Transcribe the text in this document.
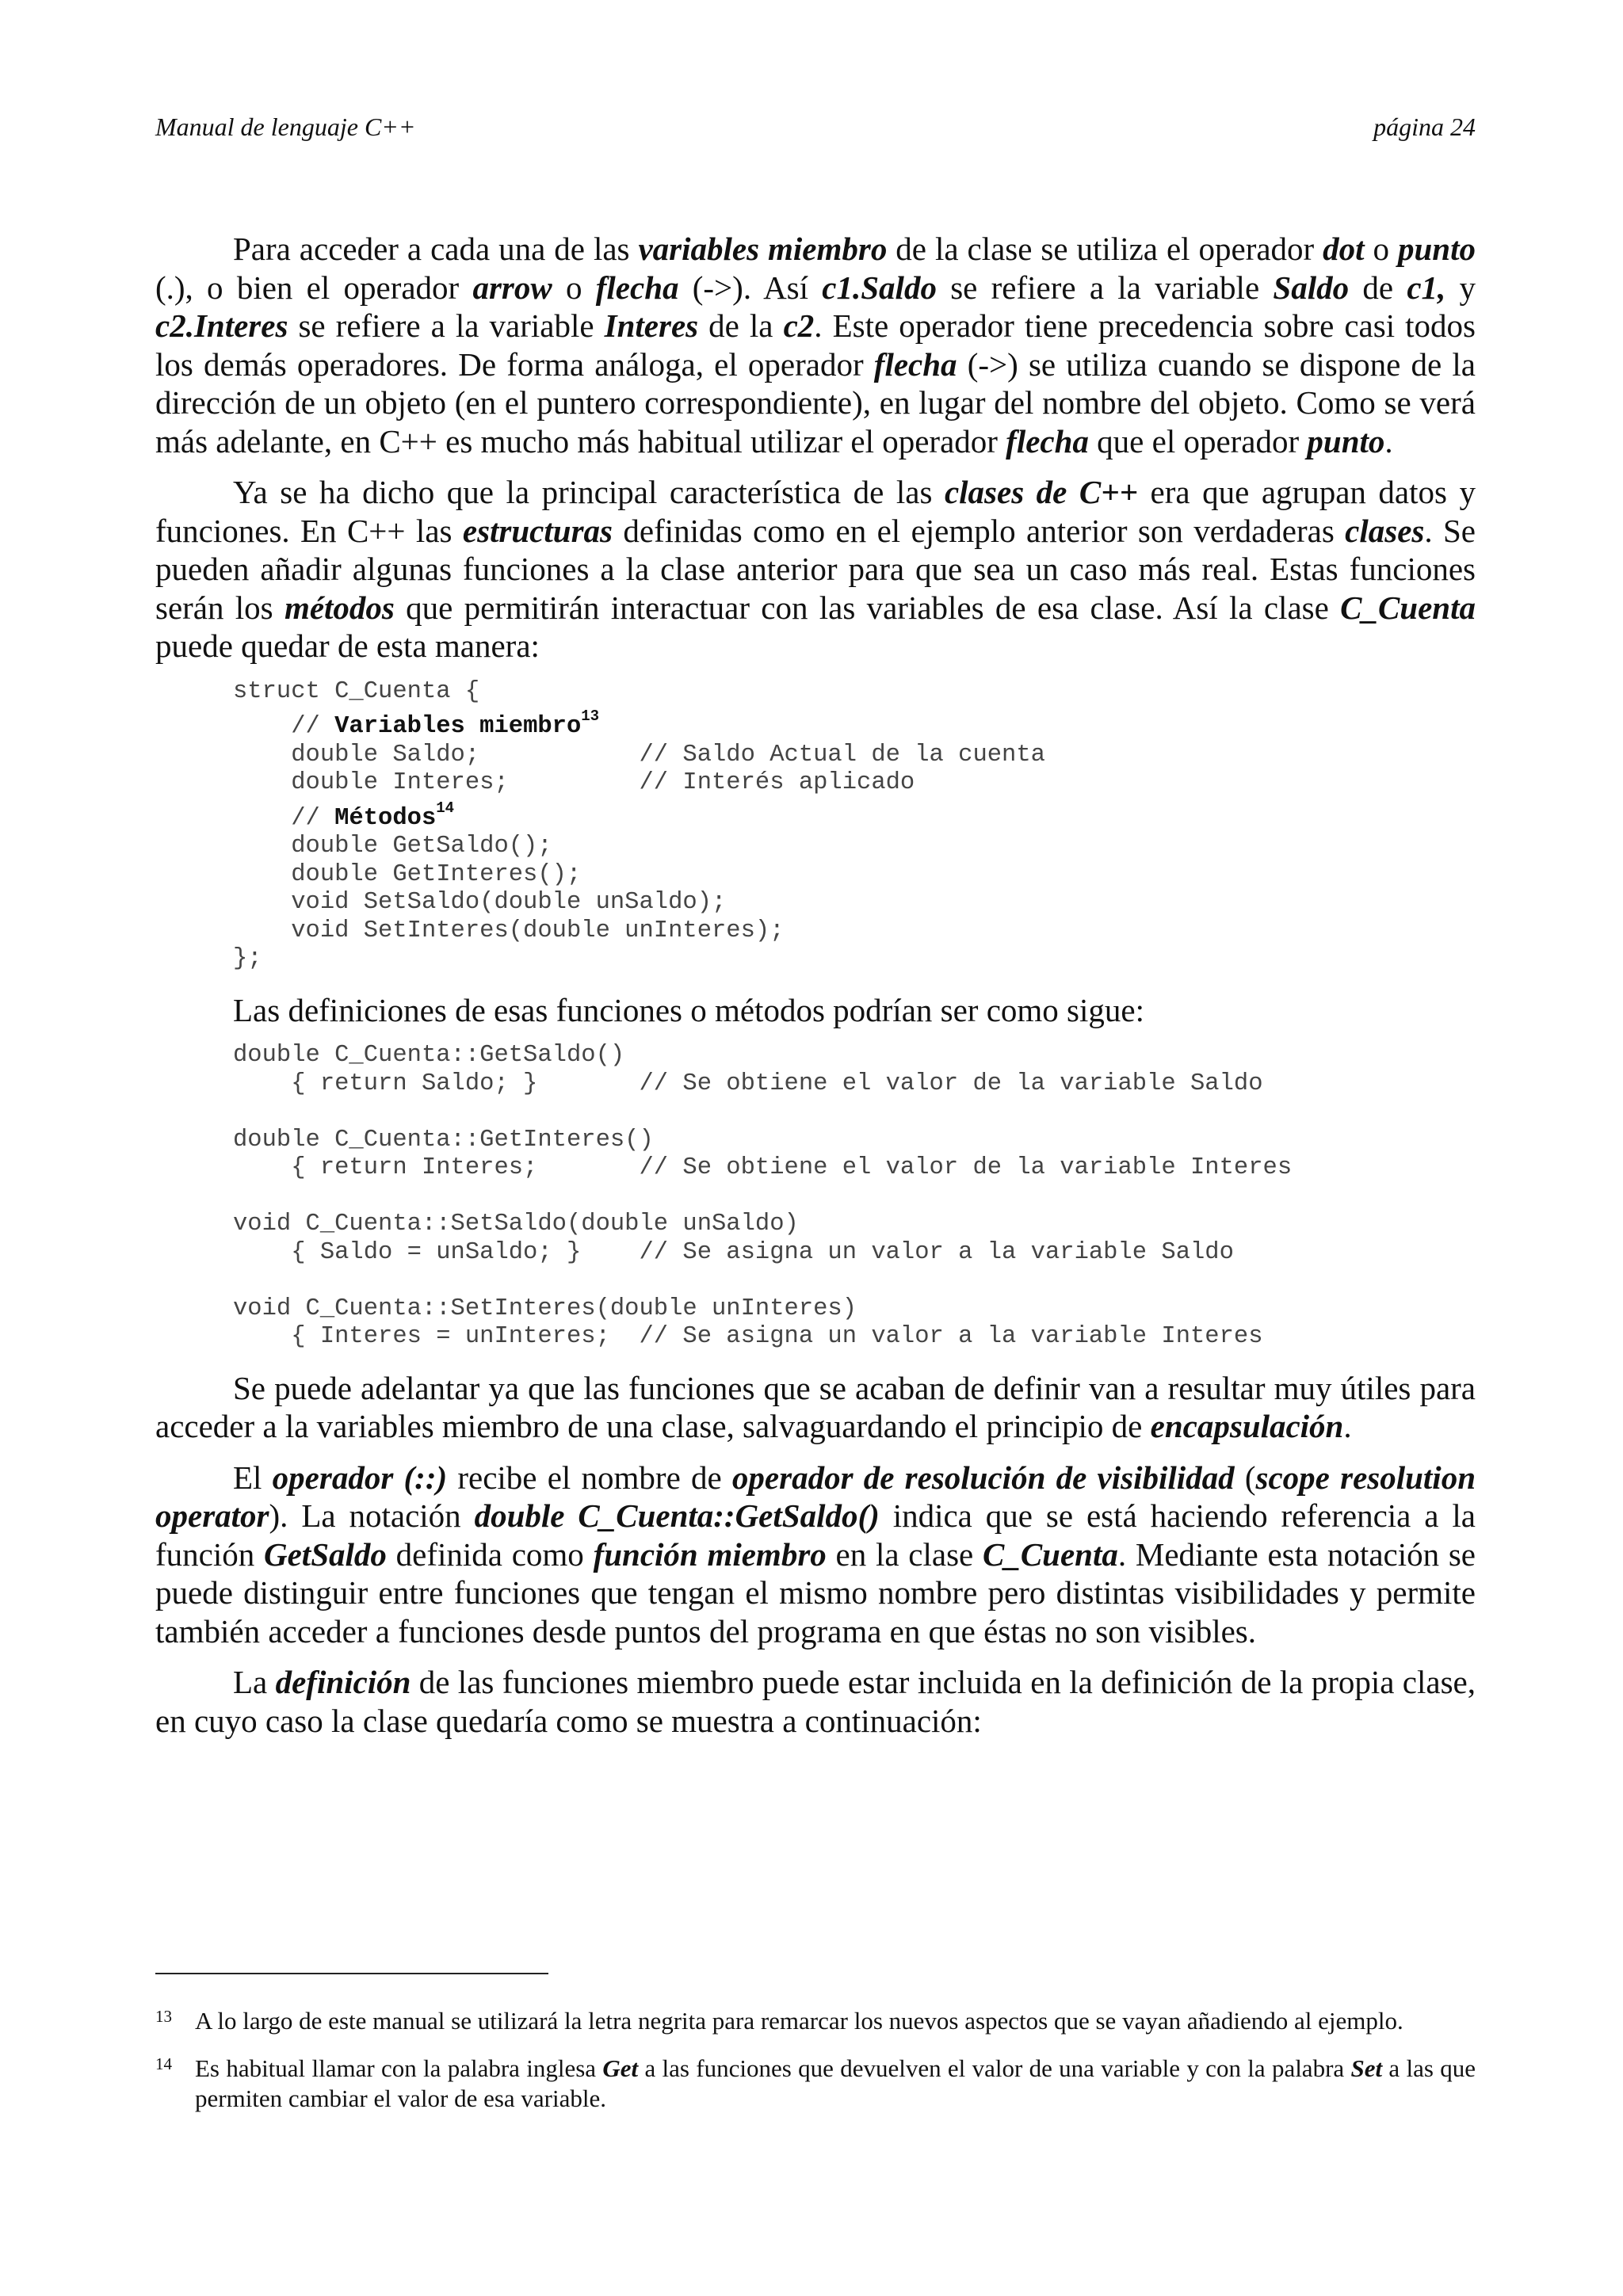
Manual de lenguaje C++	página 24

Para acceder a cada una de las variables miembro de la clase se utiliza el operador dot o punto (.), o bien el operador arrow o flecha (->). Así c1.Saldo se refiere a la variable Saldo de c1, y c2.Interes se refiere a la variable Interes de la c2. Este operador tiene precedencia sobre casi todos los demás operadores. De forma análoga, el operador flecha (->) se utiliza cuando se dispone de la dirección de un objeto (en el puntero correspondiente), en lugar del nombre del objeto. Como se verá más adelante, en C++ es mucho más habitual utilizar el operador flecha que el operador punto.

Ya se ha dicho que la principal característica de las clases de C++ era que agrupan datos y funciones. En C++ las estructuras definidas como en el ejemplo anterior son verdaderas clases. Se pueden añadir algunas funciones a la clase anterior para que sea un caso más real. Estas funciones serán los métodos que permitirán interactuar con las variables de esa clase. Así la clase C_Cuenta puede quedar de esta manera:

struct C_Cuenta {
// Variables miembro$^{13}$
double Saldo;           // Saldo Actual de la cuenta
double Interes;         // Interés aplicado
// Métodos$^{14}$
double GetSaldo();
double GetInteres();
void SetSaldo(double unSaldo);
void SetInteres(double unInteres);
};

Las definiciones de esas funciones o métodos podrían ser como sigue:

double C_Cuenta::GetSaldo()
{ return Saldo; }       // Se obtiene el valor de la variable Saldo
double C_Cuenta::GetInteres()
{ return Interes;       // Se obtiene el valor de la variable Interes
void C_Cuenta::SetSaldo(double unSaldo)
{ Saldo = unSaldo; }    // Se asigna un valor a la variable Saldo
void C_Cuenta::SetInteres(double unInteres)
{ Interes = unInteres;  // Se asigna un valor a la variable Interes

Se puede adelantar ya que las funciones que se acaban de definir van a resultar muy útiles para acceder a la variables miembro de una clase, salvaguardando el principio de encapsulación.

El operador (::) recibe el nombre de operador de resolución de visibilidad (scope resolution operator). La notación double C_Cuenta::GetSaldo() indica que se está haciendo referencia a la función GetSaldo definida como función miembro en la clase C_Cuenta. Mediante esta notación se puede distinguir entre funciones que tengan el mismo nombre pero distintas visibilidades y permite también acceder a funciones desde puntos del programa en que éstas no son visibles.

La definición de las funciones miembro puede estar incluida en la definición de la propia clase, en cuyo caso la clase quedaría como se muestra a continuación:

13 A lo largo de este manual se utilizará la letra negrita para remarcar los nuevos aspectos que se vayan añadiendo al ejemplo.
14 Es habitual llamar con la palabra inglesa Get a las funciones que devuelven el valor de una variable y con la palabra Set a las que permiten cambiar el valor de esa variable.
